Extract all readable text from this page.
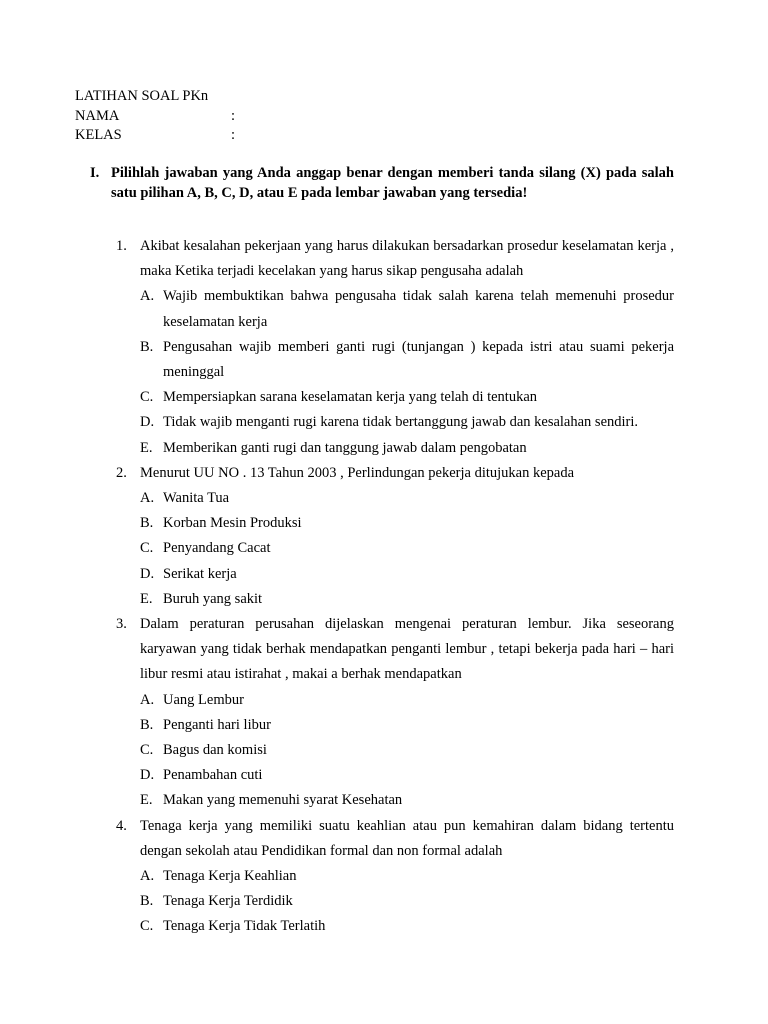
LATIHAN SOAL PKn
NAMA	:
KELAS	:
I. Pilihlah jawaban yang Anda anggap benar dengan memberi tanda silang (X) pada salah satu pilihan A, B, C, D, atau E pada lembar jawaban yang tersedia!
1. Akibat kesalahan pekerjaan yang harus dilakukan bersadarkan prosedur keselamatan kerja , maka Ketika terjadi kecelakan yang harus sikap pengusaha adalah
A. Wajib membuktikan bahwa pengusaha tidak salah karena telah memenuhi prosedur keselamatan kerja
B. Pengusahan wajib memberi ganti rugi (tunjangan ) kepada istri atau suami pekerja meninggal
C. Mempersiapkan sarana keselamatan kerja yang telah di tentukan
D. Tidak wajib menganti rugi karena tidak bertanggung jawab dan kesalahan sendiri.
E. Memberikan ganti rugi dan tanggung jawab dalam pengobatan
2. Menurut UU NO . 13 Tahun 2003 , Perlindungan pekerja ditujukan kepada
A. Wanita Tua
B. Korban Mesin Produksi
C. Penyandang Cacat
D. Serikat kerja
E. Buruh yang sakit
3. Dalam peraturan perusahan dijelaskan mengenai peraturan lembur. Jika seseorang karyawan yang tidak berhak mendapatkan penganti lembur , tetapi bekerja pada hari – hari libur resmi atau istirahat , makai a berhak mendapatkan
A. Uang Lembur
B. Penganti hari libur
C. Bagus dan komisi
D. Penambahan cuti
E. Makan yang memenuhi syarat Kesehatan
4. Tenaga kerja yang memiliki suatu keahlian atau pun kemahiran dalam bidang tertentu dengan sekolah atau Pendidikan formal dan non formal adalah
A. Tenaga Kerja Keahlian
B. Tenaga Kerja Terdidik
C. Tenaga Kerja Tidak Terlatih
